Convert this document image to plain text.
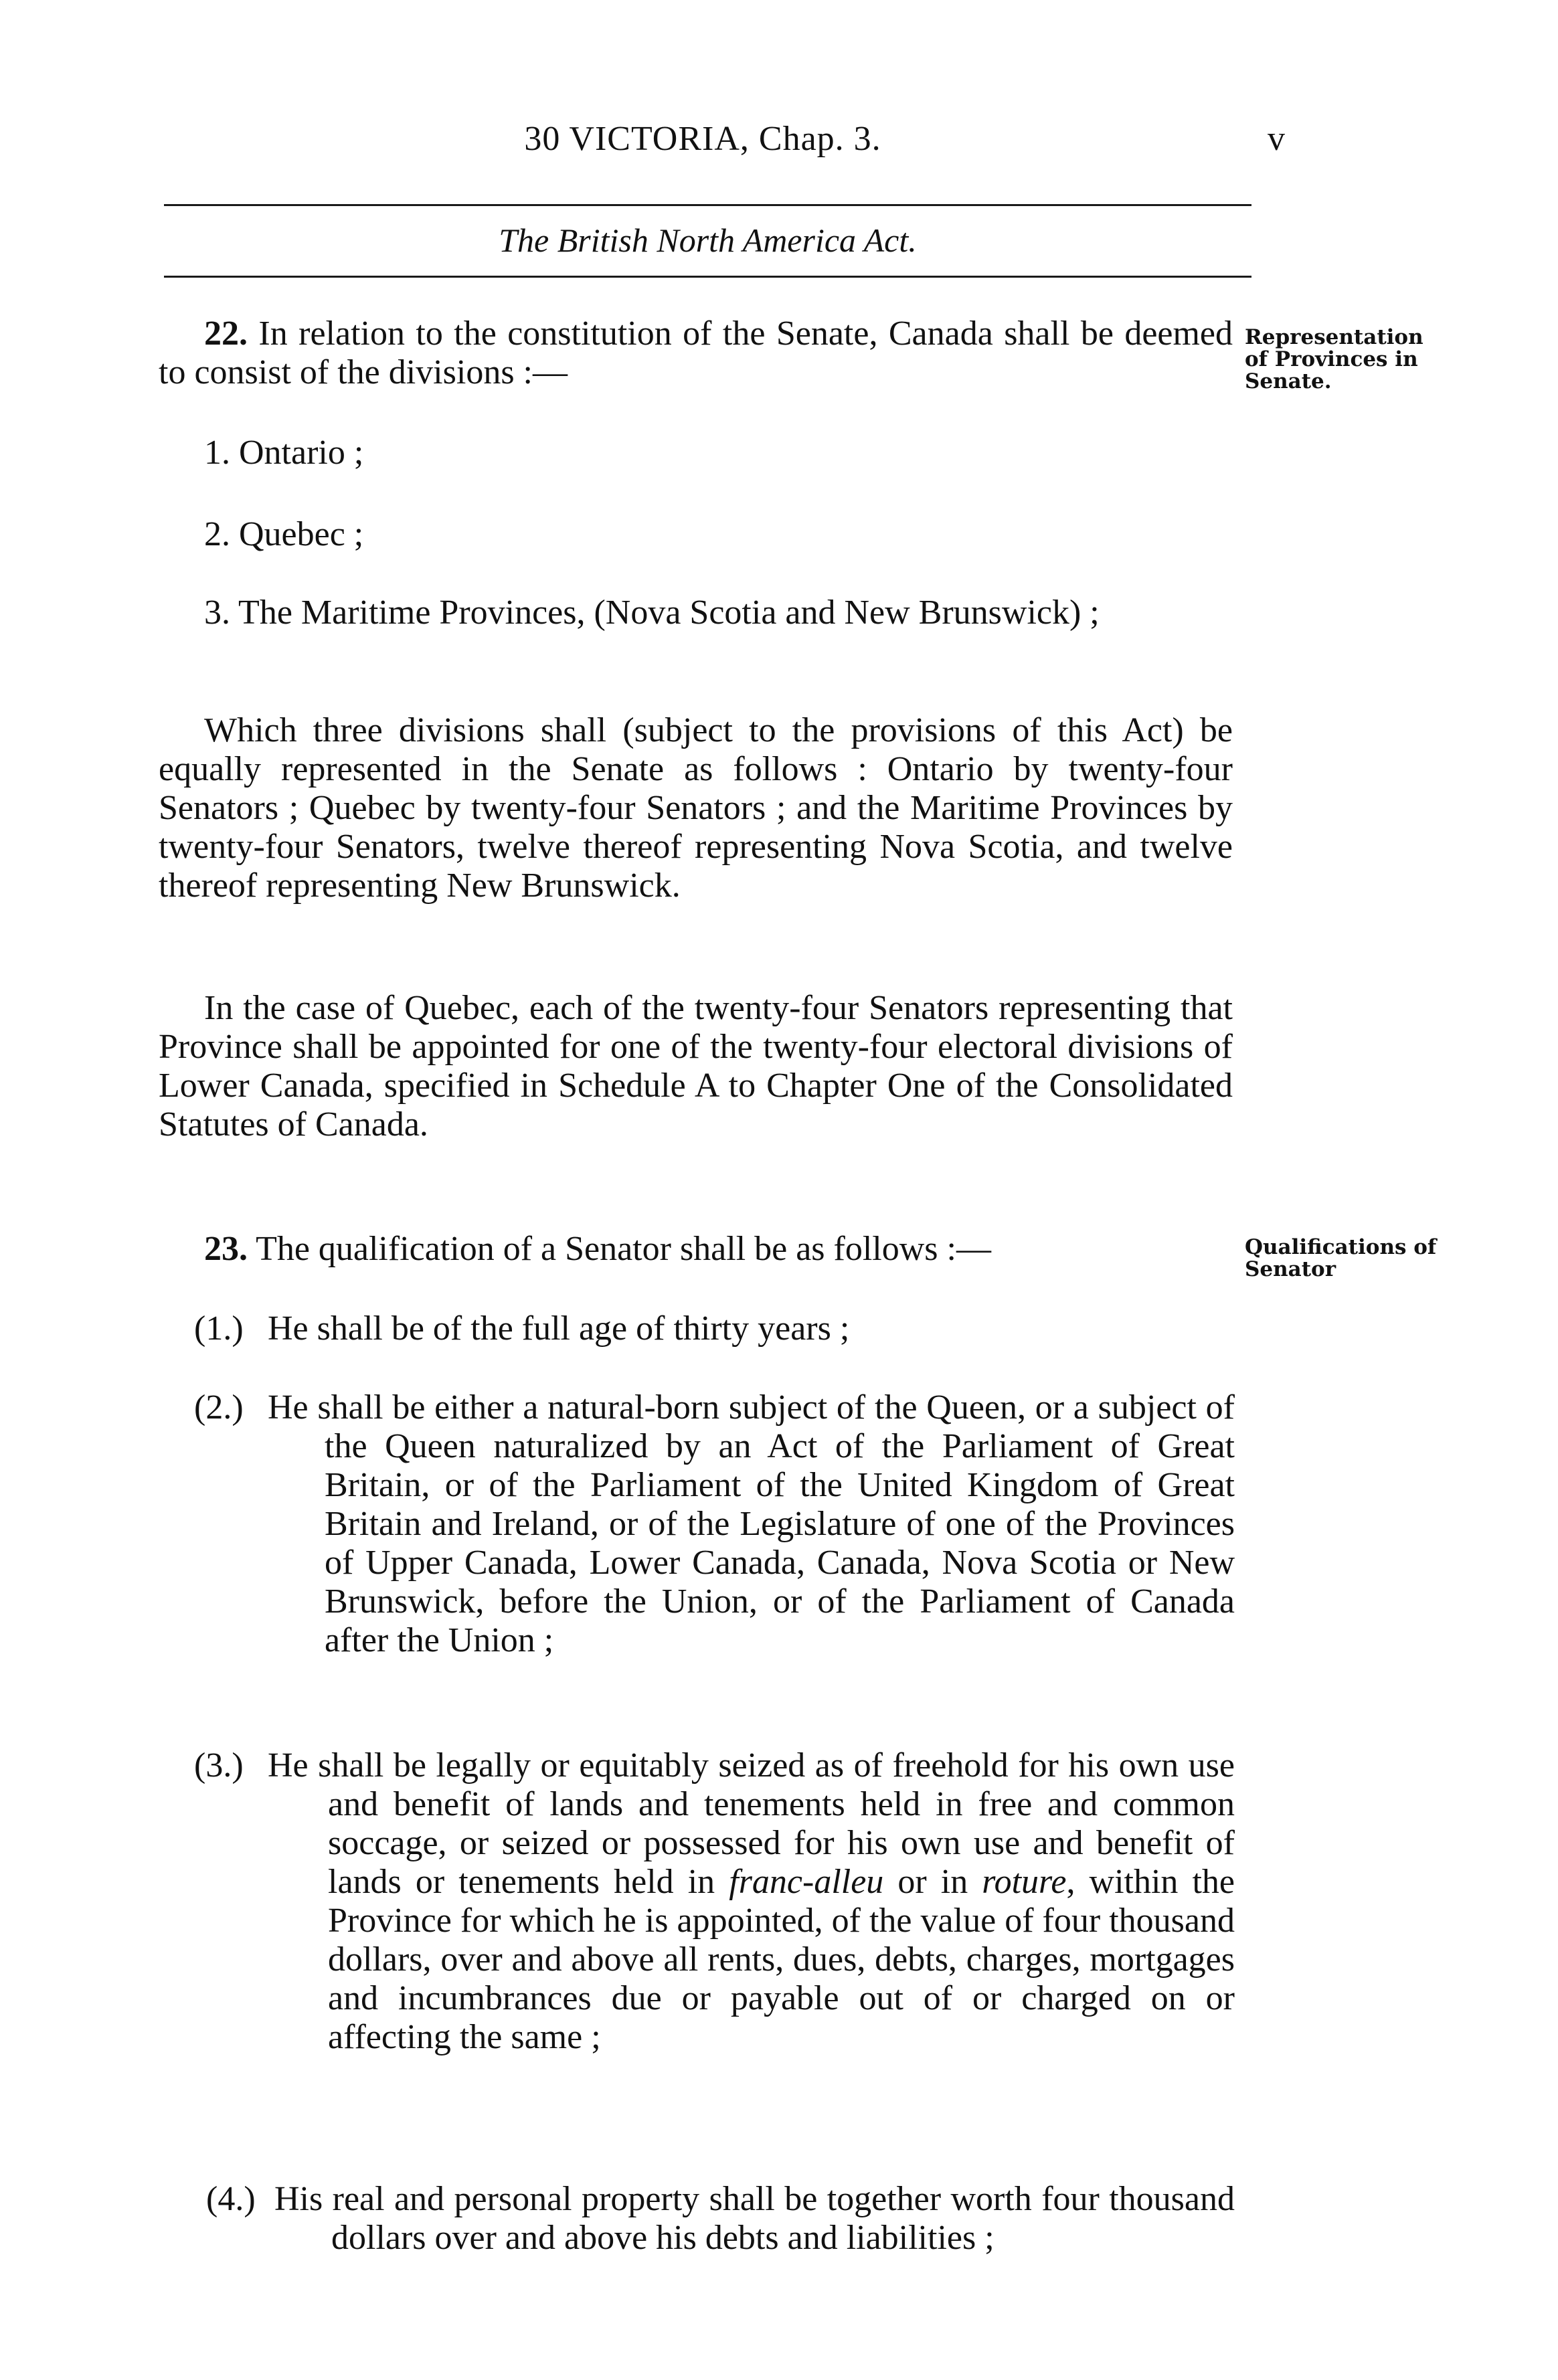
30 VICTORIA, Chap. 3.	v
The British North America Act.
22. In relation to the constitution of the Senate, Canada shall be deemed to consist of the divisions :—
Representation of Provinces in Senate.
1. Ontario ;
2. Quebec ;
3. The Maritime Provinces, (Nova Scotia and New Brunswick) ;
Which three divisions shall (subject to the provisions of this Act) be equally represented in the Senate as follows : Ontario by twenty-four Senators ; Quebec by twenty-four Senators ; and the Maritime Provinces by twenty-four Senators, twelve thereof representing Nova Scotia, and twelve thereof representing New Brunswick.
In the case of Quebec, each of the twenty-four Senators representing that Province shall be appointed for one of the twenty-four electoral divisions of Lower Canada, specified in Schedule A to Chapter One of the Consolidated Statutes of Canada.
23. The qualification of a Senator shall be as follows :—	Qualifications of Senator
(1.) He shall be of the full age of thirty years ;
(2.) He shall be either a natural-born subject of the Queen, or a subject of the Queen naturalized by an Act of the Parliament of Great Britain, or of the Parliament of the United Kingdom of Great Britain and Ireland, or of the Legislature of one of the Provinces of Upper Canada, Lower Canada, Canada, Nova Scotia or New Brunswick, before the Union, or of the Parliament of Canada after the Union ;
(3.) He shall be legally or equitably seized as of freehold for his own use and benefit of lands and tenements held in free and common soccage, or seized or possessed for his own use and benefit of lands or tenements held in franc-alleu or in roture, within the Province for which he is appointed, of the value of four thousand dollars, over and above all rents, dues, debts, charges, mortgages and incumbrances due or payable out of or charged on or affecting the same ;
(4.) His real and personal property shall be together worth four thousand dollars over and above his debts and liabilities ;
